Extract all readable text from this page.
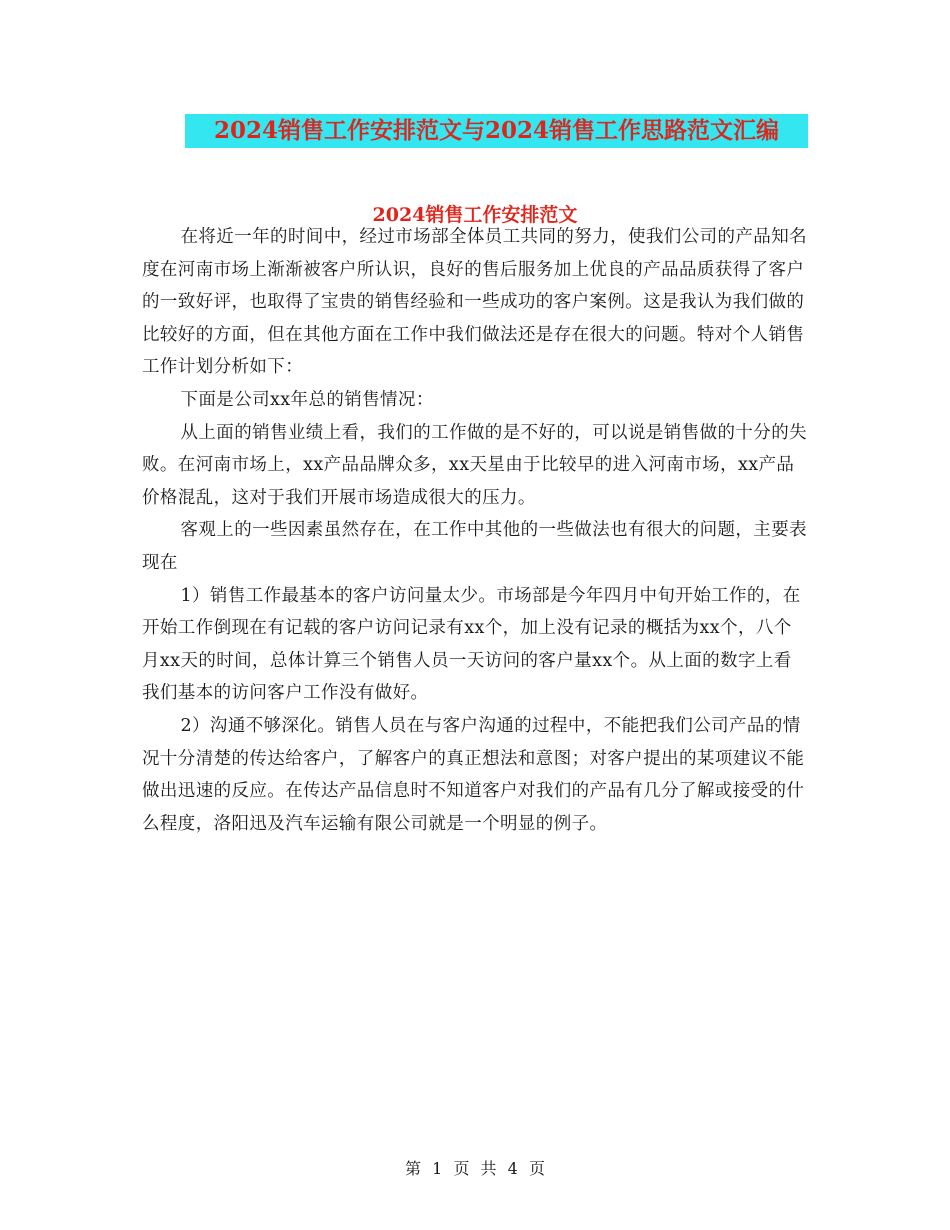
2024销售工作安排范文与2024销售工作思路范文汇编
2024销售工作安排范文

在将近一年的时间中，经过市场部全体员工共同的努力，使我们公司的产品知名度在河南市场上渐渐被客户所认识，良好的售后服务加上优良的产品品质获得了客户的一致好评，也取得了宝贵的销售经验和一些成功的客户案例。这是我认为我们做的比较好的方面，但在其他方面在工作中我们做法还是存在很大的问题。特对个人销售工作计划分析如下：

下面是公司xx年总的销售情况：

从上面的销售业绩上看，我们的工作做的是不好的，可以说是销售做的十分的失败。在河南市场上，xx产品品牌众多，xx天星由于比较早的进入河南市场，xx产品价格混乱，这对于我们开展市场造成很大的压力。

客观上的一些因素虽然存在，在工作中其他的一些做法也有很大的问题，主要表现在

1）销售工作最基本的客户访问量太少。市场部是今年四月中旬开始工作的，在开始工作倒现在有记载的客户访问记录有xx个，加上没有记录的概括为xx个，八个月xx天的时间，总体计算三个销售人员一天访问的客户量xx个。从上面的数字上看我们基本的访问客户工作没有做好。

2）沟通不够深化。销售人员在与客户沟通的过程中，不能把我们公司产品的情况十分清楚的传达给客户，了解客户的真正想法和意图；对客户提出的某项建议不能做出迅速的反应。在传达产品信息时不知道客户对我们的产品有几分了解或接受的什么程度，洛阳迅及汽车运输有限公司就是一个明显的例子。

第 1 页 共 4 页
